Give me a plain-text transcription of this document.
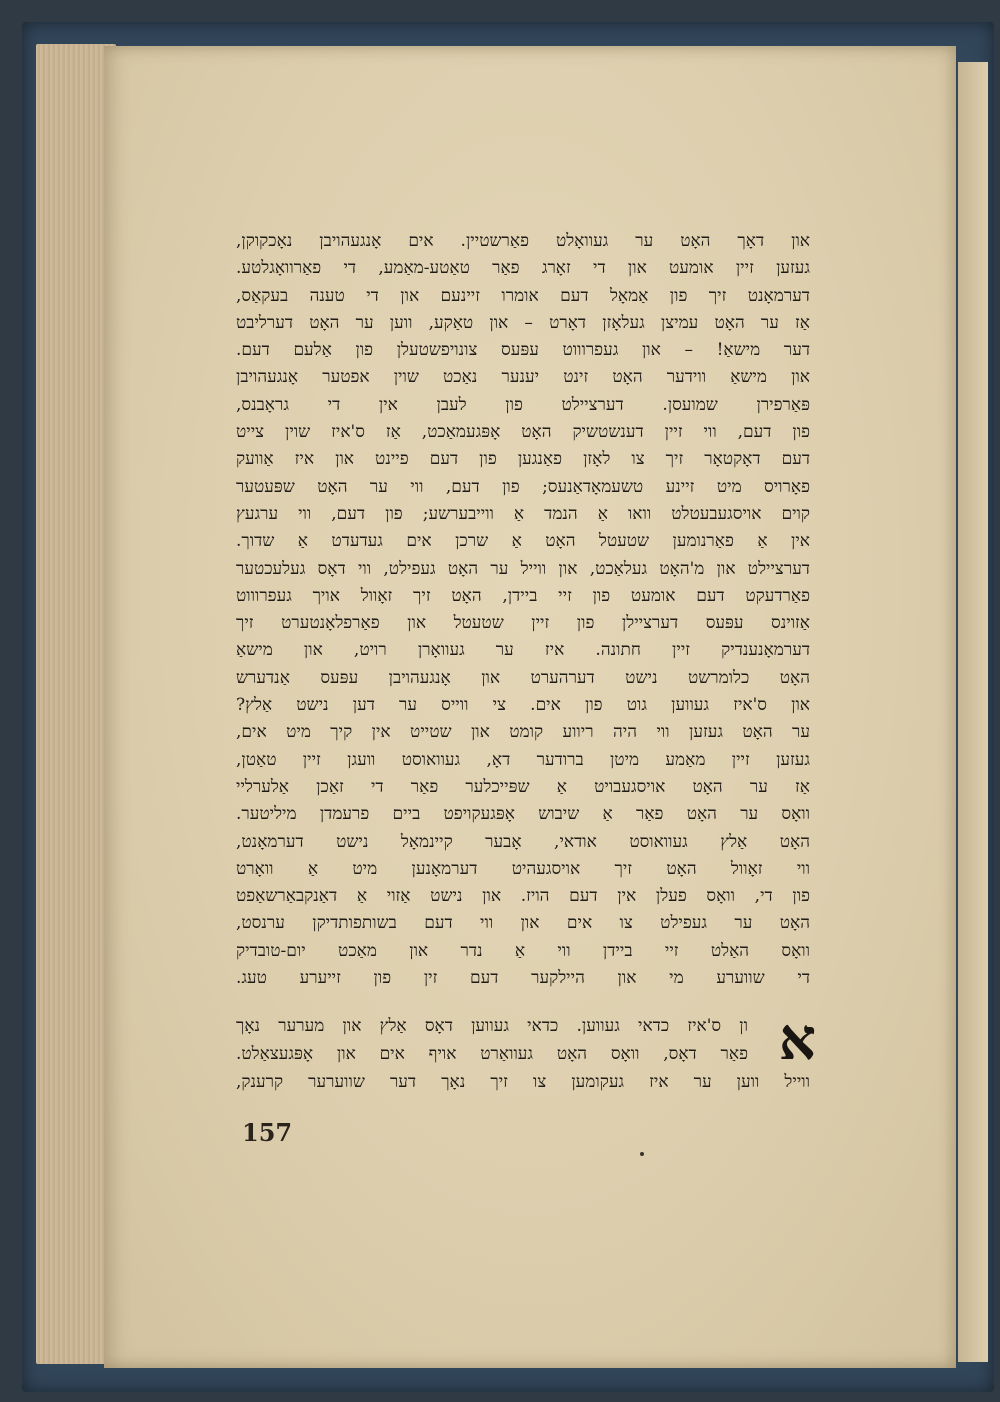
און דאָך האָט ער געוואָלט פאַרשטיין. אים אָנגעהויבן נאָכקוקן,
געזען זיין אומעט און די זאָרג פאַר טאַטע-מאַמע, די פאַרוואָגלטע.
דערמאָנט זיך פון אַמאָל דעם אומרו זיינעם און די טענה בעקאַס,
אַז ער האָט עמיצן געלאָזן דאָרט – און טאַקע, ווען ער האָט דערליבט
דער מישאַ! – און געפרוווט עפּעס צונויפשטעלן פון אַלעם דעם.
און מישאַ ווידער האָט זינט יענער נאַכט שוין אפטער אָנגעהויבן
פּאַרפירן שמועסן. דערציילט פון לעבן אין די גראָבנס,
פון דעם, ווי זיין דענשטשיק האָט אָפּגעמאַכט, אַז ס'איז שוין צייט
דעם דאָקטאָר זיך צו לאָזן פאַנגען פון דעם פיינט און איז אַוועק
פאָרויס מיט זיינע טשעמאָדאַנעס; פון דעם, ווי ער האָט שפּעטער
קוים אויסגעבעטלט וואו אַ הנמד אַ ווייבערשע; פון דעם, ווי ערגעץ
אין אַ פאַרנומען שטעטל האָט אַ שרכן אים געדעדט אַ שדוך.
דערציילט און מ'האָט געלאַכט, און ווייל ער האָט געפילט, ווי דאָס געלעכטער
פאַרדעקט דעם אומעט פון זיי ביידן, האָט זיך זאָוול אויך געפרוווט
אַזוינס עפּעס דערציילן פון זיין שטעטל און פאַרפלאָנטערט זיך
דערמאָנענדיק זיין חתונה. איז ער געוואָרן רויט, און מישאַ
האָט כלומרשט נישט דערהערט און אָנגעהויבן עפּעס אַנדערש
און ס'איז געווען גוט פון אים. צי ווייס ער דען נישט אַלץ?
ער האָט געזען ווי היה ריווע קומט און שטייט אין קיך מיט אים,
געזען זיין מאַמע מיטן ברודער דאָ, געוואוסט וועגן זיין טאַטן,
אַז ער האָט אויסגעבויט אַ שפּייכלער פאַר די זאַכן אַלערליי
וואָס ער האָט פאַר אַ שיבוש אָפּגעקויפט ביים פרעמדן מיליטער.
האָט אַלץ געוואוסט אודאי, אָבער קיינמאָל נישט דערמאָנט,
ווי זאָוול האָט זיך אויסגעהיט דערמאָנען מיט אַ וואָרט
פון די, וואָס פעלן אין דעם הויז. און נישט אַזוי אַ דאַנקבאַרשאַפט
האָט ער געפילט צו אים און ווי דעם בשותפותדיקן ערנסט,
וואָס האַלט זיי ביידן ווי אַ נדר און מאַכט יום-טובדיק
די שווערע מי און היילקער דעם זין פון זייערע טעג.
א
ון ס'איז כדאי געווען. כדאי געווען דאָס אַלץ און מערער נאָך
פאַר דאָס, וואָס האָט געוואַרט אויף אים און אָפּגעצאַלט.
ווייל ווען ער איז געקומען צו זיך נאָך דער שווערער קרענק,
157
